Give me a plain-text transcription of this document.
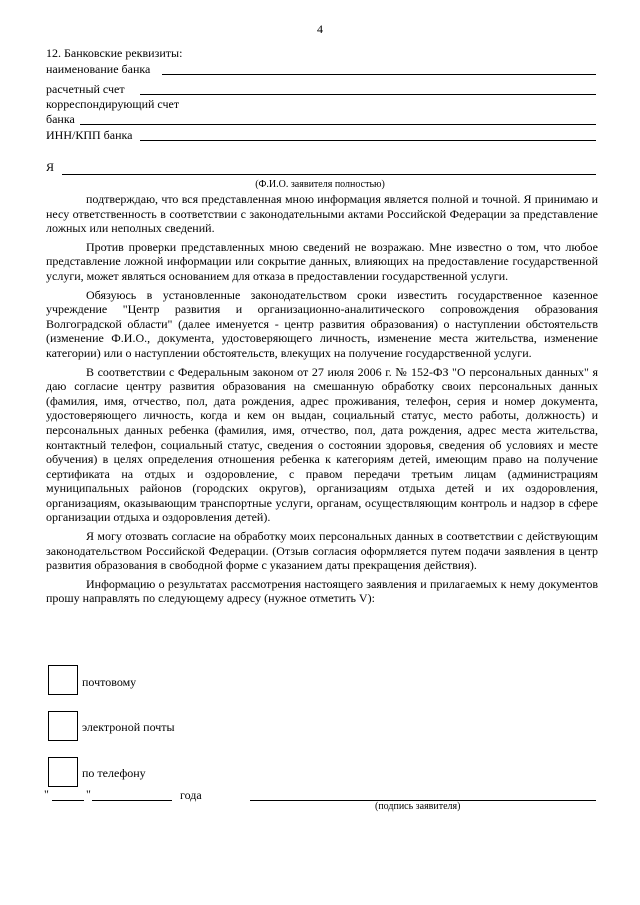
4
12. Банковские реквизиты:
наименование банка
расчетный счет
корреспондирующий счет
банка
ИНН/КПП банка
Я
(Ф.И.О. заявителя полностью)

подтверждаю, что вся представленная мною информация является полной и точной. Я принимаю и несу ответственность в соответствии с законодательными актами Российской Федерации за представление ложных или неполных сведений.

Против проверки представленных мною сведений не возражаю. Мне известно о том, что любое представление ложной информации или сокрытие данных, влияющих на предоставление государственной услуги, может являться основанием для отказа в предоставлении государственной услуги.

Обязуюсь в установленные законодательством сроки известить государственное казенное учреждение "Центр развития и организационно-аналитического сопровождения образования Волгоградской области" (далее именуется - центр развития образования) о наступлении обстоятельств (изменение Ф.И.О., документа, удостоверяющего личность, изменение места жительства, изменение категории) или о наступлении обстоятельств, влекущих на получение государственной услуги.

В соответствии с Федеральным законом от 27 июля 2006 г. № 152-ФЗ "О персональных данных" я даю согласие центру развития образования на смешанную обработку своих персональных данных (фамилия, имя, отчество, пол, дата рождения, адрес проживания, телефон, серия и номер документа, удостоверяющего личность, когда и кем он выдан, социальный статус, место работы, должность) и персональных данных ребенка (фамилия, имя, отчество, пол, дата рождения, адрес места жительства, контактный телефон, социальный статус, сведения о состоянии здоровья, сведения об условиях и месте обучения) в целях определения отношения ребенка к категориям детей, имеющим право на получение сертификата на отдых и оздоровление, с правом передачи третьим лицам (администрациям муниципальных районов (городских округов), организациям отдыха детей и их оздоровления, организациям, оказывающим транспортные услуги, органам, осуществляющим контроль и надзор в сфере организации отдыха и оздоровления детей).

Я могу отозвать согласие на обработку моих персональных данных в соответствии с действующим законодательством Российской Федерации. (Отзыв согласия оформляется путем подачи заявления в центр развития образования в свободной форме с указанием даты прекращения действия).

Информацию о результатах рассмотрения настоящего заявления и прилагаемых к нему документов прошу направлять по следующему адресу (нужное отметить V):

почтовому
электроной почты
по телефону
"	"	года
(подпись заявителя)
